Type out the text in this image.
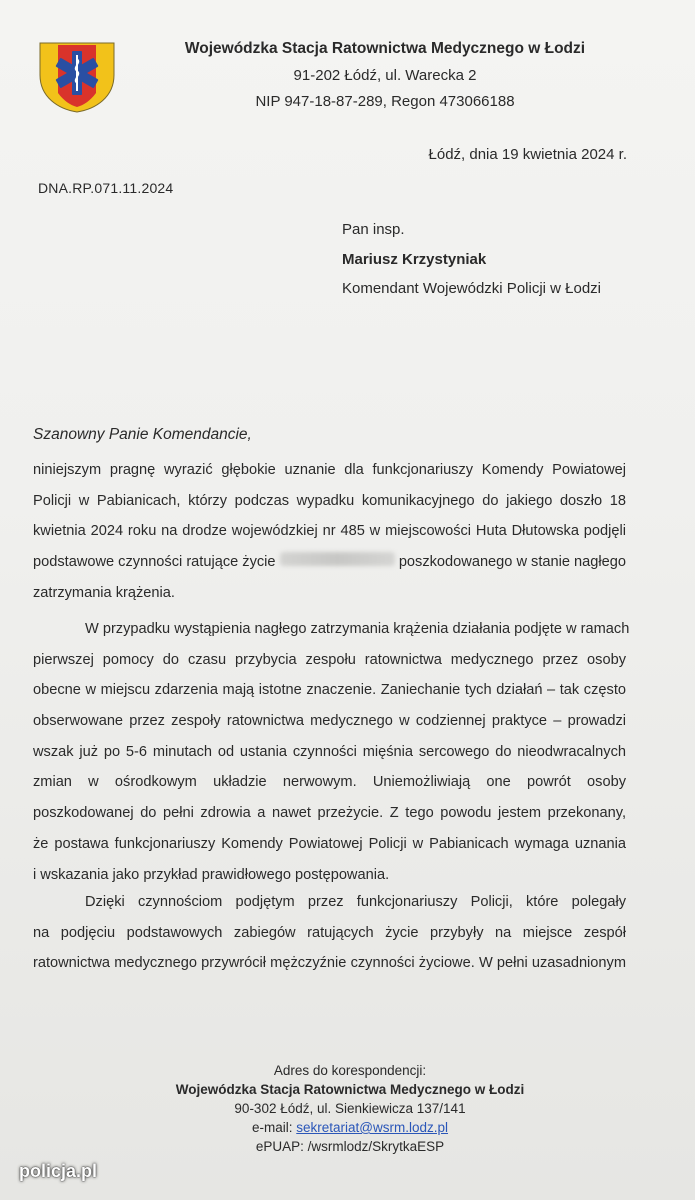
Wojewódzka Stacja Ratownictwa Medycznego w Łodzi
91-202 Łódź, ul. Warecka 2
NIP 947-18-87-289, Regon 473066188
Łódź, dnia 19 kwietnia 2024 r.
DNA.RP.071.11.2024
Pan insp.
Mariusz Krzystyniak
Komendant Wojewódzki Policji w Łodzi
Szanowny Panie Komendancie,
niniejszym pragnę wyrazić głębokie uznanie dla funkcjonariuszy Komendy Powiatowej
Policji w Pabianicach, którzy podczas wypadku komunikacyjnego do jakiego doszło 18
kwietnia 2024 roku na drodze wojewódzkiej nr 485 w miejscowości Huta Dłutowska podjęli
podstawowe czynności ratujące życie	poszkodowanego w stanie nagłego
zatrzymania krążenia.
W przypadku wystąpienia nagłego zatrzymania krążenia działania podjęte w ramach
pierwszej pomocy do czasu przybycia zespołu ratownictwa medycznego przez osoby
obecne w miejscu zdarzenia mają istotne znaczenie. Zaniechanie tych działań – tak często
obserwowane przez zespoły ratownictwa medycznego w codziennej praktyce – prowadzi
wszak już po 5-6 minutach od ustania czynności mięśnia sercowego do nieodwracalnych
zmian w ośrodkowym układzie nerwowym. Uniemożliwiają one powrót osoby
poszkodowanej do pełni zdrowia a nawet przeżycie. Z tego powodu jestem przekonany,
że postawa funkcjonariuszy Komendy Powiatowej Policji w Pabianicach wymaga uznania
i wskazania jako przykład prawidłowego postępowania.
Dzięki czynnościom podjętym przez funkcjonariuszy Policji, które polegały
na podjęciu podstawowych zabiegów ratujących życie przybyły na miejsce zespół
ratownictwa medycznego przywrócił mężczyźnie czynności życiowe. W pełni uzasadnionym
Adres do korespondencji:
Wojewódzka Stacja Ratownictwa Medycznego w Łodzi
90-302 Łódź, ul. Sienkiewicza 137/141
e-mail: sekretariat@wsrm.lodz.pl
ePUAP: /wsrmlodz/SkrytkaESP
policja.pl
